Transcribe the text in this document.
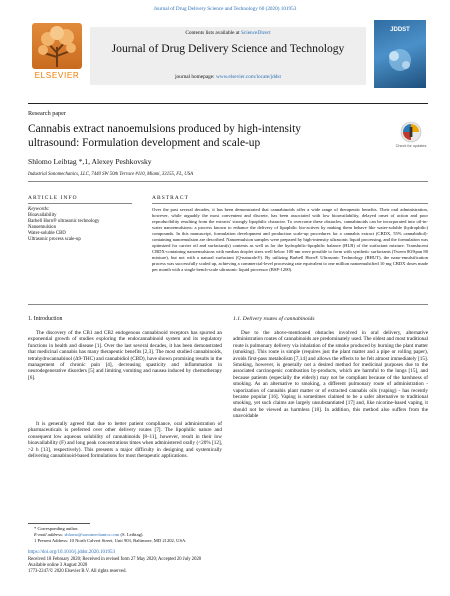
Journal of Drug Delivery Science and Technology 60 (2020) 101953
ELSEVIER
Contents lists available at ScienceDirect
Journal of Drug Delivery Science and Technology
journal homepage: www.elsevier.com/locate/jddst
JDDST
Research paper
Cannabis extract nanoemulsions produced by high-intensity ultrasound: Formulation development and scale-up	Check for updates
Shlomo Leibtag *,1, Alexey Peshkovsky
Industrial Sonomechanics, LLC, 7440 SW 50th Terrace #110, Miami, 33155, FL, USA
ARTICLE INFO
Keywords:
Bioavailability
Barbell Horn® ultrasonic technology
Nanoemulsion
Water-soluble CBD
Ultrasonic process scale-up
ABSTRACT
Over the past several decades, it has been demonstrated that cannabinoids offer a wide range of therapeutic benefits. Their oral administration, however, while arguably the most convenient and discrete, has been associated with low bioavailability, delayed onset of action and poor reproducibility resulting from the extracts' strongly lipophilic character. To overcome these obstacles, cannabinoids can be incorporated into oil-in-water nanoemulsions: a process known to enhance the delivery of lipophilic bio-actives by making them behave like water-soluble (hydrophilic) compounds. In this manuscript, formulation development and production scale-up procedures for a cannabis extract (CBDX, 55% cannabidiol)-containing nanoemulsion are described. Nanoemulsion samples were prepared by high-intensity ultrasonic liquid processing, and the formulation was optimized for carrier oil and surfactant(s) contents as well as for the hydrophilic-lipophilic balance (HLB) of the surfactant mixture. Translucent CBDX-containing nanoemulsions with median droplet sizes well below 100 nm were possible to form with synthetic surfactants (Tween 80/Span 80 mixture), but not with a natural surfactant (Q-naturale®). By utilizing Barbell Horn® Ultrasonic Technology (BHUT), the nano-emulsification process was successfully scaled up, achieving a commercial-level processing rate equivalent to one million nanoemulsified 10 mg CBDX doses made per month with a single bench-scale ultrasonic liquid processor (BSP-1200).
1. Introduction
The discovery of the CB1 and CB2 endogenous cannabinoid receptors has spurred an exponential growth of studies exploring the endocannabinoid system and its regulatory functions in health and disease [1]. Over the last several decades, it has been demonstrated that medicinal cannabis has many therapeutic benefits [2,3]. The most studied cannabinoids, tetrahydrocannabinol (Δ9-THC) and cannabidiol (CBD), have shown promising results in the management of chronic pain [4], decreasing spasticity and inflammation in neurodegenerative disorders [5] and limiting vomiting and nausea induced by chemotherapy [6].
It is generally agreed that due to better patient compliance, oral administration of pharmaceuticals is preferred over other delivery routes [7]. The lipophilic nature and consequent low aqueous solubility of cannabinoids [8–11], however, result in their low bioavailability (F) and long peak concentrations times when administered orally (<20% [12], >2 h [13], respectively). This presents a major difficulty in designing and systemically delivering cannabinoid-based formulations for most therapeutic applications.
1.1. Delivery routes of cannabinoids
Due to the above-mentioned obstacles involved in oral delivery, alternative administration routes of cannabinoids are predominately used. The oldest and most traditional route is pulmonary delivery via inhalation of the smoke produced by burning the plant matter (smoking). This route is simple (requires just the plant matter and a pipe or rolling paper), avoids first-pass metabolism [7,14] and allows the effects to be felt almost immediately [15]. Smoking, however, is generally not a desired method for medicinal purposes due to the associated carcinogenic combustion by-products, which are harmful to the lungs [15], and because patients (especially the elderly) may not be compliant because of the harshness of smoking. As an alternative to smoking, a different pulmonary route of administration - vaporization of cannabis plant matter or of extracted cannabis oils (vaping) - has recently became popular [16]. Vaping is sometimes claimed to be a safer alternative to traditional smoking, yet such claims are largely unsubstantiated [17] and, like nicotine-based vaping, it should not be viewed as harmless [18]. In addition, this method also suffers from the unavoidable
* Corresponding author.
E-mail address: shlomo@sonomechanics.com (S. Leibtag).
1 Present Address: 10 North Calvert Street, Unit 903, Baltimore, MD 21202, USA.
https://doi.org/10.1016/j.jddst.2020.101953
Received 18 February 2020; Received in revised form 27 May 2020; Accepted 20 July 2020
Available online 3 August 2020
1773-2247/© 2020 Elsevier B.V. All rights reserved.
